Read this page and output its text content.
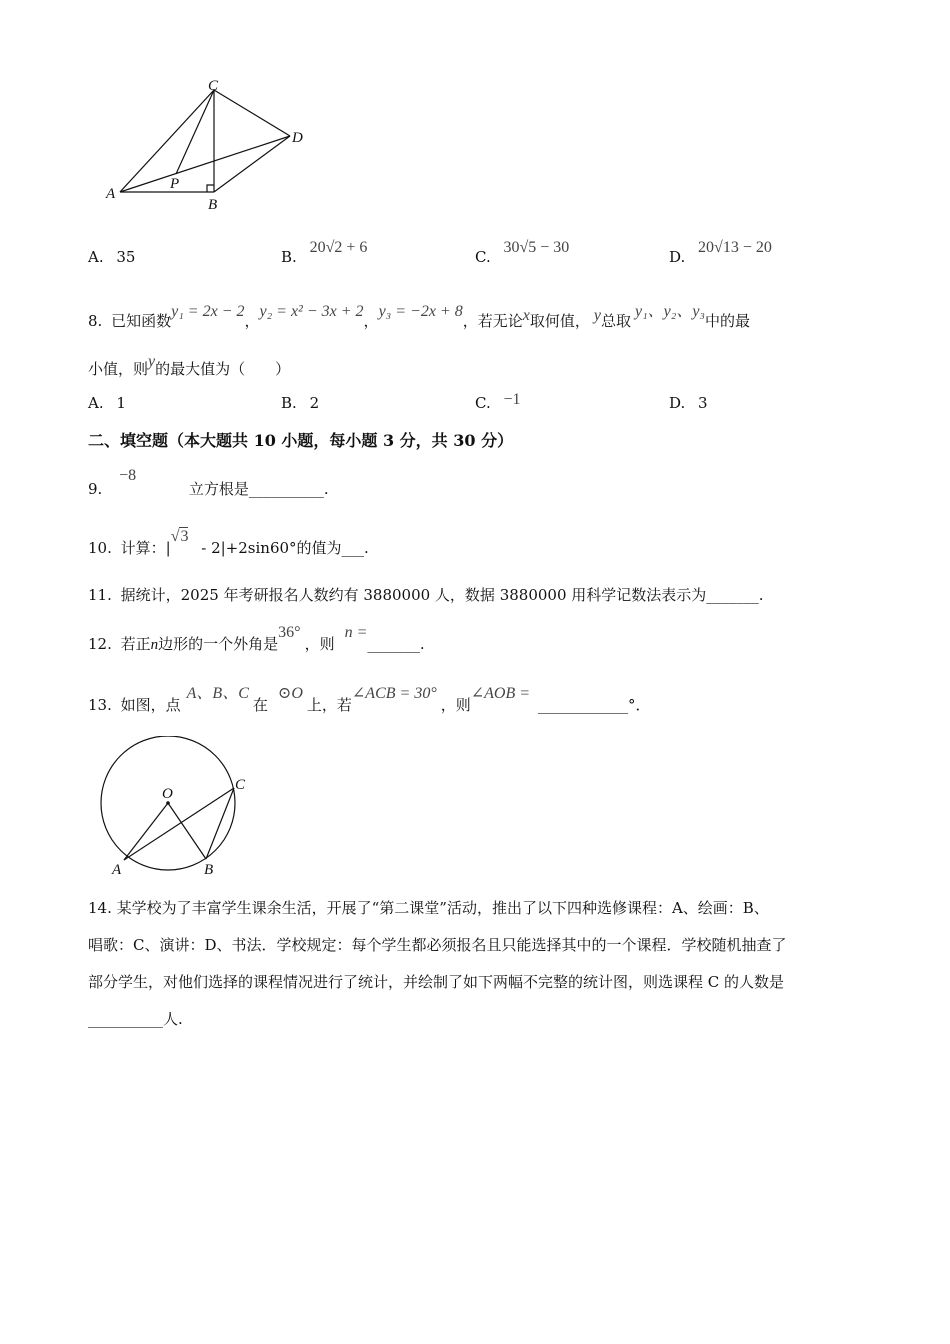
C
D
A
P
B
A. 35	B. 20√2 + 6
C. 30√5 − 30
D. 20√13 − 20
8. 已知函数y₁ = 2x − 2，y₂ = x² − 3x + 2，y₃ = −2x + 8，若无论x取何值， y总取y₁、y₂、y₃中的最
小值，则y的最大值为（　　）
A. 1	B. 2	C. −1	D. 3
二、填空题（本大题共 10 小题，每小题 3 分，共 30 分）
9. −8 立方根是__________.
10. 计算：|√3 - 2|+2sin60°的值为___.
11. 据统计，2025 年考研报名人数约有 3880000 人，数据 3880000 用科学记数法表示为_______.
12. 若正n边形的一个外角是36°，则n =_______.
13. 如图，点A、B、C在⊙O上，若∠ACB = 30°，则∠AOB =____________°．
O
C
A	B
14. 某学校为了丰富学生课余生活，开展了“第二课堂”活动，推出了以下四种选修课程：A、绘画：B、
唱歌：C、演讲：D、书法．学校规定：每个学生都必须报名且只能选择其中的一个课程．学校随机抽查了
部分学生，对他们选择的课程情况进行了统计，并绘制了如下两幅不完整的统计图，则选课程 C 的人数是
__________人.
